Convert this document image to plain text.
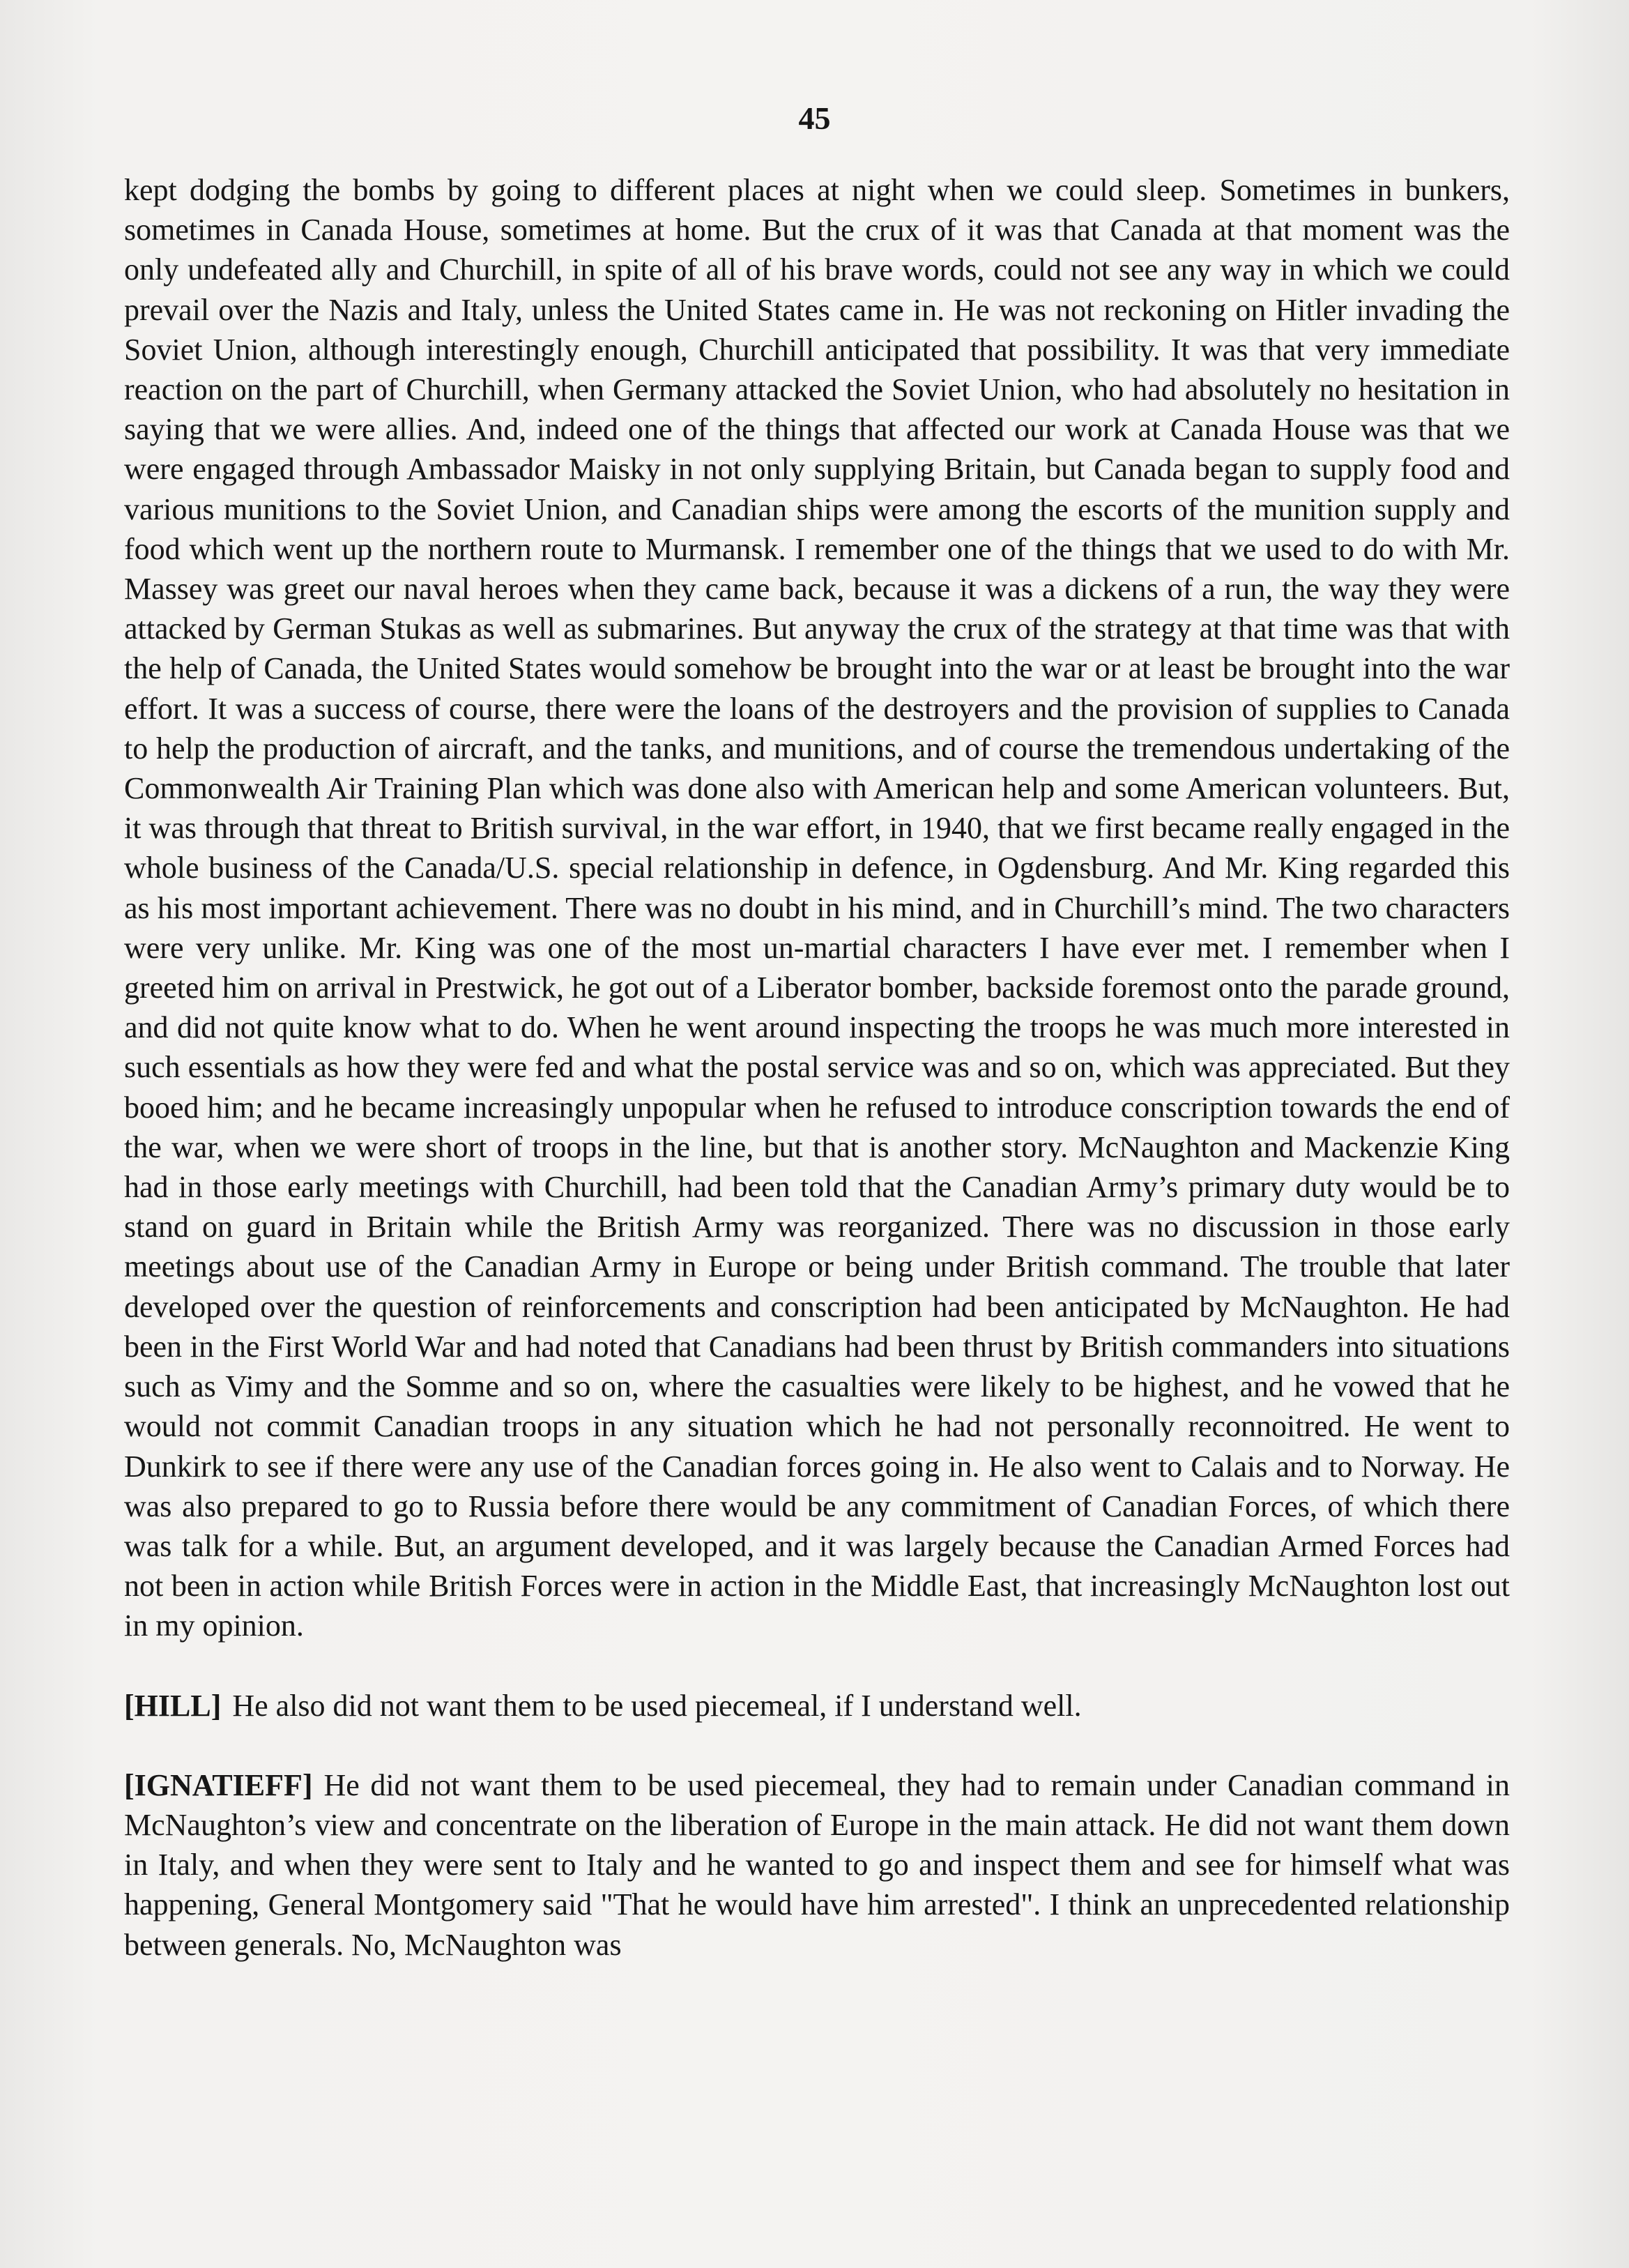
45

kept dodging the bombs by going to different places at night when we could sleep. Sometimes in bunkers, sometimes in Canada House, sometimes at home. But the crux of it was that Canada at that moment was the only undefeated ally and Churchill, in spite of all of his brave words, could not see any way in which we could prevail over the Nazis and Italy, unless the United States came in. He was not reckoning on Hitler invading the Soviet Union, although interestingly enough, Churchill anticipated that possibility. It was that very immediate reaction on the part of Churchill, when Germany attacked the Soviet Union, who had absolutely no hesitation in saying that we were allies. And, indeed one of the things that affected our work at Canada House was that we were engaged through Ambassador Maisky in not only supplying Britain, but Canada began to supply food and various munitions to the Soviet Union, and Canadian ships were among the escorts of the munition supply and food which went up the northern route to Murmansk. I remember one of the things that we used to do with Mr. Massey was greet our naval heroes when they came back, because it was a dickens of a run, the way they were attacked by German Stukas as well as submarines. But anyway the crux of the strategy at that time was that with the help of Canada, the United States would somehow be brought into the war or at least be brought into the war effort. It was a success of course, there were the loans of the destroyers and the provision of supplies to Canada to help the production of aircraft, and the tanks, and munitions, and of course the tremendous undertaking of the Commonwealth Air Training Plan which was done also with American help and some American volunteers. But, it was through that threat to British survival, in the war effort, in 1940, that we first became really engaged in the whole business of the Canada/U.S. special relationship in defence, in Ogdensburg. And Mr. King regarded this as his most important achievement. There was no doubt in his mind, and in Churchill’s mind. The two characters were very unlike. Mr. King was one of the most un-martial characters I have ever met. I remember when I greeted him on arrival in Prestwick, he got out of a Liberator bomber, backside foremost onto the parade ground, and did not quite know what to do. When he went around inspecting the troops he was much more interested in such essentials as how they were fed and what the postal service was and so on, which was appreciated. But they booed him; and he became increasingly unpopular when he refused to introduce conscription towards the end of the war, when we were short of troops in the line, but that is another story. McNaughton and Mackenzie King had in those early meetings with Churchill, had been told that the Canadian Army’s primary duty would be to stand on guard in Britain while the British Army was reorganized. There was no discussion in those early meetings about use of the Canadian Army in Europe or being under British command. The trouble that later developed over the question of reinforcements and conscription had been anticipated by McNaughton. He had been in the First World War and had noted that Canadians had been thrust by British commanders into situations such as Vimy and the Somme and so on, where the casualties were likely to be highest, and he vowed that he would not commit Canadian troops in any situation which he had not personally reconnoitred. He went to Dunkirk to see if there were any use of the Canadian forces going in. He also went to Calais and to Norway. He was also prepared to go to Russia before there would be any commitment of Canadian Forces, of which there was talk for a while. But, an argument developed, and it was largely because the Canadian Armed Forces had not been in action while British Forces were in action in the Middle East, that increasingly McNaughton lost out in my opinion.

[HILL] He also did not want them to be used piecemeal, if I understand well.

[IGNATIEFF] He did not want them to be used piecemeal, they had to remain under Canadian command in McNaughton’s view and concentrate on the liberation of Europe in the main attack. He did not want them down in Italy, and when they were sent to Italy and he wanted to go and inspect them and see for himself what was happening, General Montgomery said "That he would have him arrested". I think an unprecedented relationship between generals. No, McNaughton was
